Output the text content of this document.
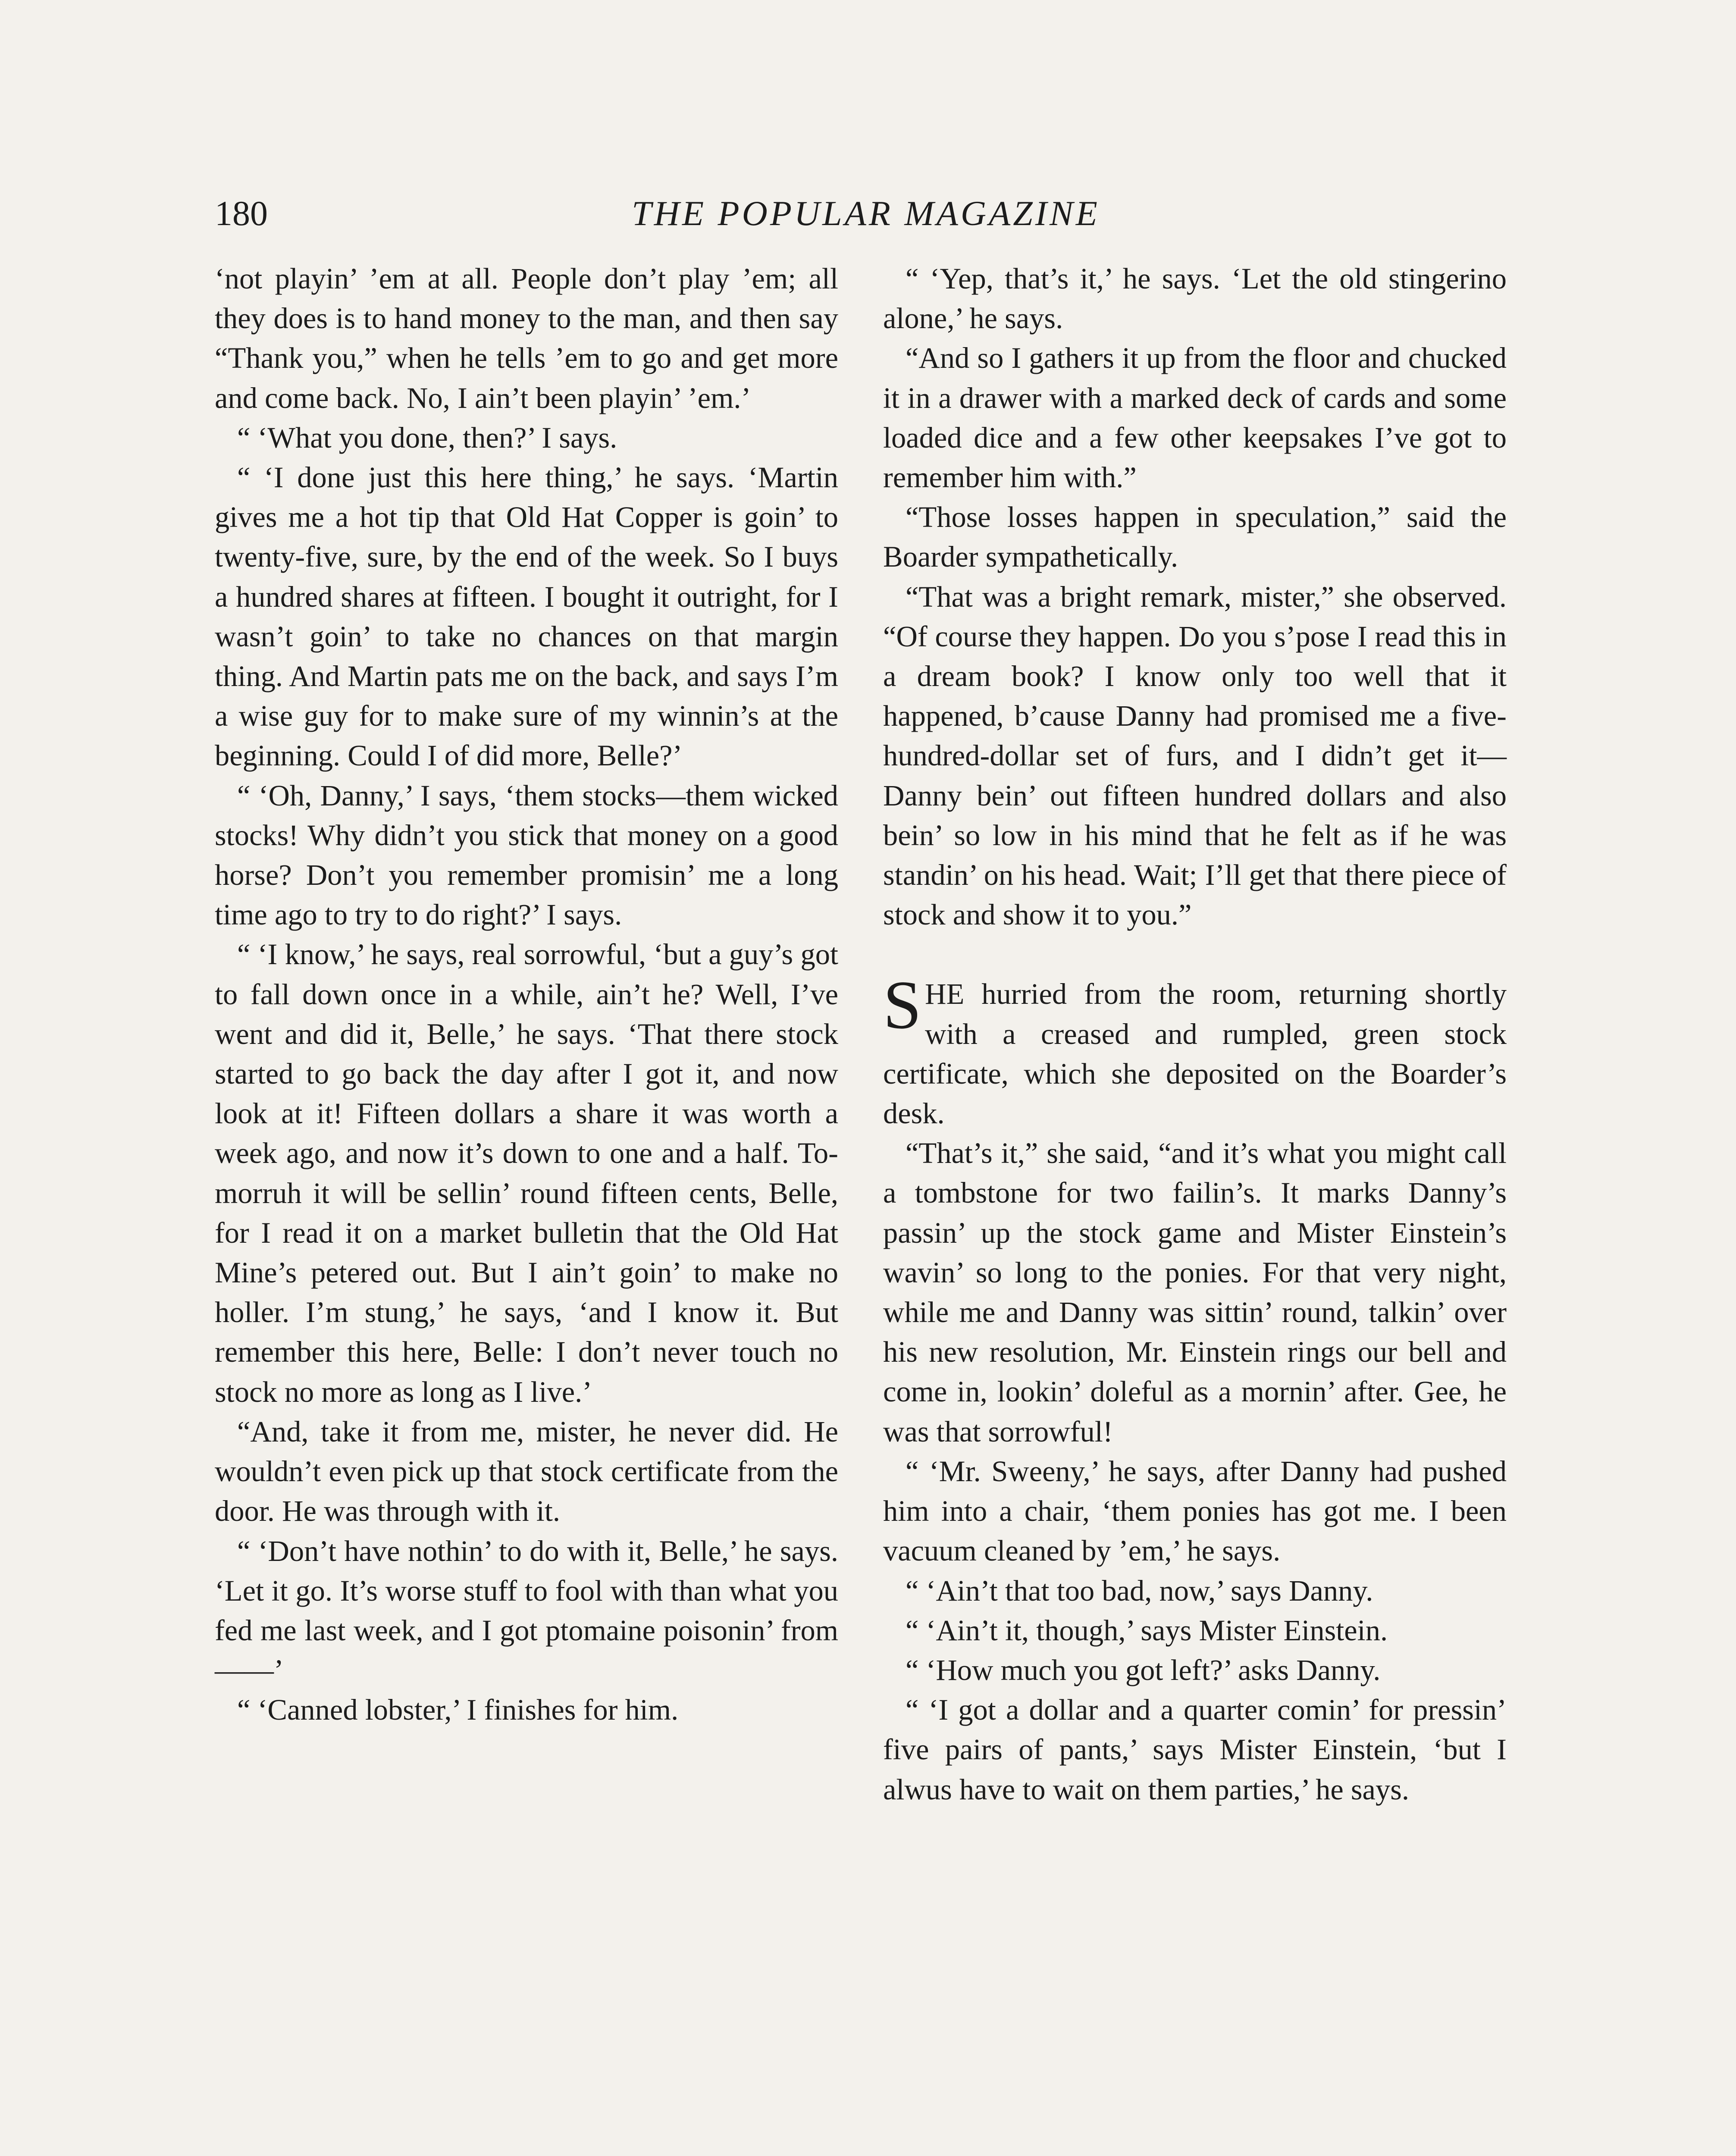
180	THE POPULAR MAGAZINE

‘not playin’ ’em at all. People don’t play ’em; all they does is to hand money to the man, and then say “Thank you,” when he tells ’em to go and get more and come back. No, I ain’t been playin’ ’em.’

“ ‘What you done, then?’ I says.

“ ‘I done just this here thing,’ he says. ‘Martin gives me a hot tip that Old Hat Copper is goin’ to twenty-five, sure, by the end of the week. So I buys a hundred shares at fifteen. I bought it outright, for I wasn’t goin’ to take no chances on that margin thing. And Martin pats me on the back, and says I’m a wise guy for to make sure of my winnin’s at the beginning. Could I of did more, Belle?’

“ ‘Oh, Danny,’ I says, ‘them stocks—them wicked stocks! Why didn’t you stick that money on a good horse? Don’t you remember promisin’ me a long time ago to try to do right?’ I says.

“ ‘I know,’ he says, real sorrowful, ‘but a guy’s got to fall down once in a while, ain’t he? Well, I’ve went and did it, Belle,’ he says. ‘That there stock started to go back the day after I got it, and now look at it! Fifteen dollars a share it was worth a week ago, and now it’s down to one and a half. To-morruh it will be sellin’ round fifteen cents, Belle, for I read it on a market bulletin that the Old Hat Mine’s petered out. But I ain’t goin’ to make no holler. I’m stung,’ he says, ‘and I know it. But remember this here, Belle: I don’t never touch no stock no more as long as I live.’

“And, take it from me, mister, he never did. He wouldn’t even pick up that stock certificate from the door. He was through with it.

“ ‘Don’t have nothin’ to do with it, Belle,’ he says. ‘Let it go. It’s worse stuff to fool with than what you fed me last week, and I got ptomaine poisonin’ from——’

“ ‘Canned lobster,’ I finishes for him.

“ ‘Yep, that’s it,’ he says. ‘Let the old stingerino alone,’ he says.

“And so I gathers it up from the floor and chucked it in a drawer with a marked deck of cards and some loaded dice and a few other keepsakes I’ve got to remember him with.”

“Those losses happen in speculation,” said the Boarder sympathetically.

“That was a bright remark, mister,” she observed. “Of course they happen. Do you s’pose I read this in a dream book? I know only too well that it happened, b’cause Danny had promised me a five-hundred-dollar set of furs, and I didn’t get it—Danny bein’ out fifteen hundred dollars and also bein’ so low in his mind that he felt as if he was standin’ on his head. Wait; I’ll get that there piece of stock and show it to you.”

SHE hurried from the room, returning shortly with a creased and rumpled, green stock certificate, which she deposited on the Boarder’s desk.

“That’s it,” she said, “and it’s what you might call a tombstone for two failin’s. It marks Danny’s passin’ up the stock game and Mister Einstein’s wavin’ so long to the ponies. For that very night, while me and Danny was sittin’ round, talkin’ over his new resolution, Mr. Einstein rings our bell and come in, lookin’ doleful as a mornin’ after. Gee, he was that sorrowful!

“ ‘Mr. Sweeny,’ he says, after Danny had pushed him into a chair, ‘them ponies has got me. I been vacuum cleaned by ’em,’ he says.

“ ‘Ain’t that too bad, now,’ says Danny.

“ ‘Ain’t it, though,’ says Mister Einstein.

“ ‘How much you got left?’ asks Danny.

“ ‘I got a dollar and a quarter comin’ for pressin’ five pairs of pants,’ says Mister Einstein, ‘but I alwus have to wait on them parties,’ he says.
